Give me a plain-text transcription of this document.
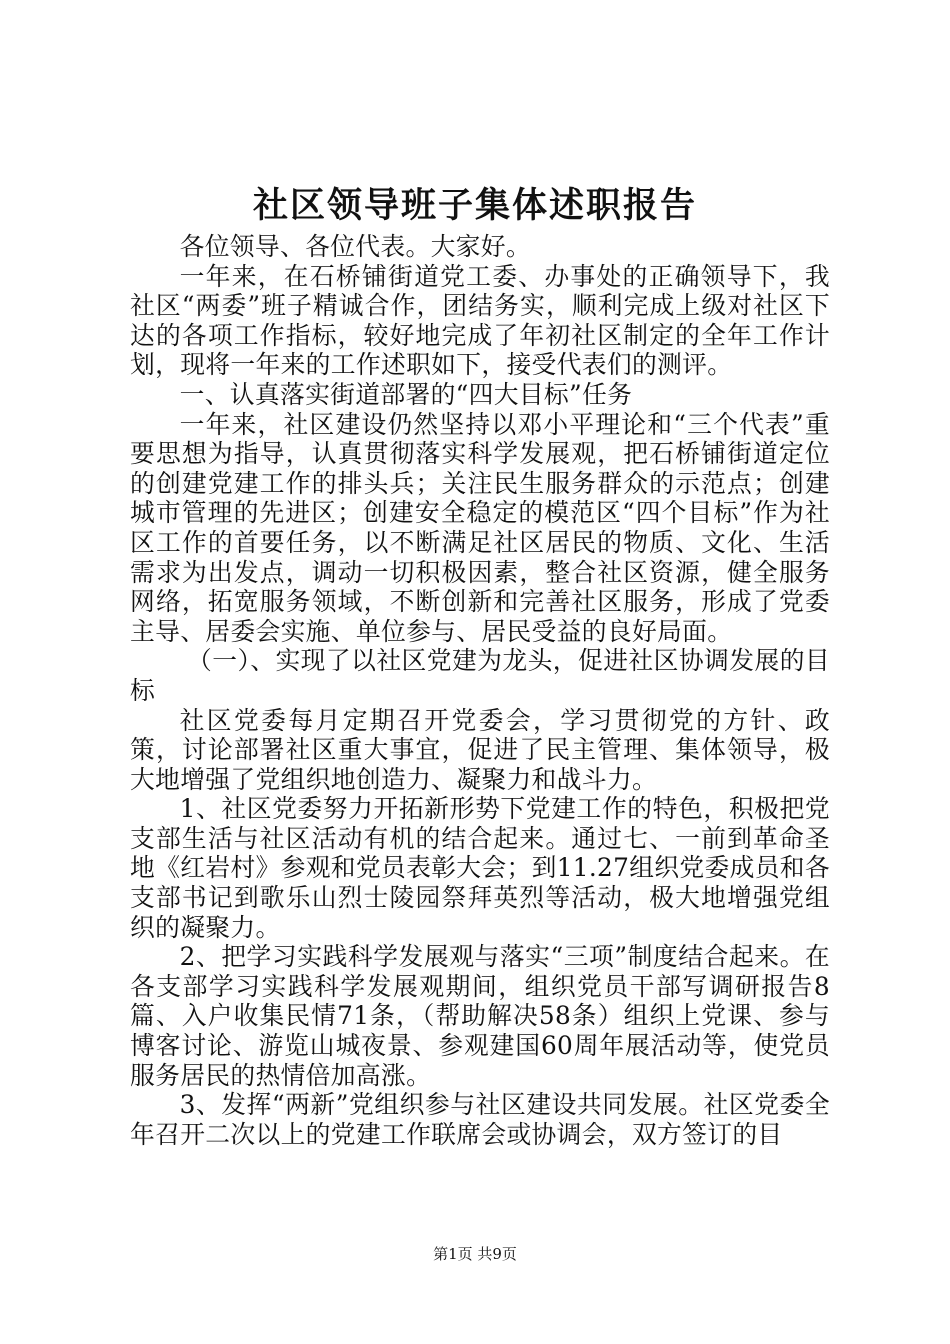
社区领导班子集体述职报告

各位领导、各位代表。大家好。

一年来，在石桥铺街道党工委、办事处的正确领导下，我社区“两委”班子精诚合作，团结务实，顺利完成上级对社区下达的各项工作指标，较好地完成了年初社区制定的全年工作计划，现将一年来的工作述职如下，接受代表们的测评。

一、认真落实街道部署的“四大目标”任务

一年来，社区建设仍然坚持以邓小平理论和“三个代表”重要思想为指导，认真贯彻落实科学发展观，把石桥铺街道定位的创建党建工作的排头兵；关注民生服务群众的示范点；创建城市管理的先进区；创建安全稳定的模范区“四个目标”作为社区工作的首要任务，以不断满足社区居民的物质、文化、生活需求为出发点，调动一切积极因素，整合社区资源，健全服务网络，拓宽服务领域，不断创新和完善社区服务，形成了党委主导、居委会实施、单位参与、居民受益的良好局面。

（一）、实现了以社区党建为龙头，促进社区协调发展的目标

社区党委每月定期召开党委会，学习贯彻党的方针、政策，讨论部署社区重大事宜，促进了民主管理、集体领导，极大地增强了党组织地创造力、凝聚力和战斗力。

1、社区党委努力开拓新形势下党建工作的特色，积极把党支部生活与社区活动有机的结合起来。通过七、一前到革命圣地《红岩村》参观和党员表彰大会；到11.27组织党委成员和各支部书记到歌乐山烈士陵园祭拜英烈等活动，极大地增强党组织的凝聚力。

2、把学习实践科学发展观与落实“三项”制度结合起来。在各支部学习实践科学发展观期间，组织党员干部写调研报告8篇、入户收集民情71条，（帮助解决58条）组织上党课、参与博客讨论、游览山城夜景、参观建国60周年展活动等，使党员服务居民的热情倍加高涨。

3、发挥“两新”党组织参与社区建设共同发展。社区党委全年召开二次以上的党建工作联席会或协调会，双方签订的目

第1页 共9页
